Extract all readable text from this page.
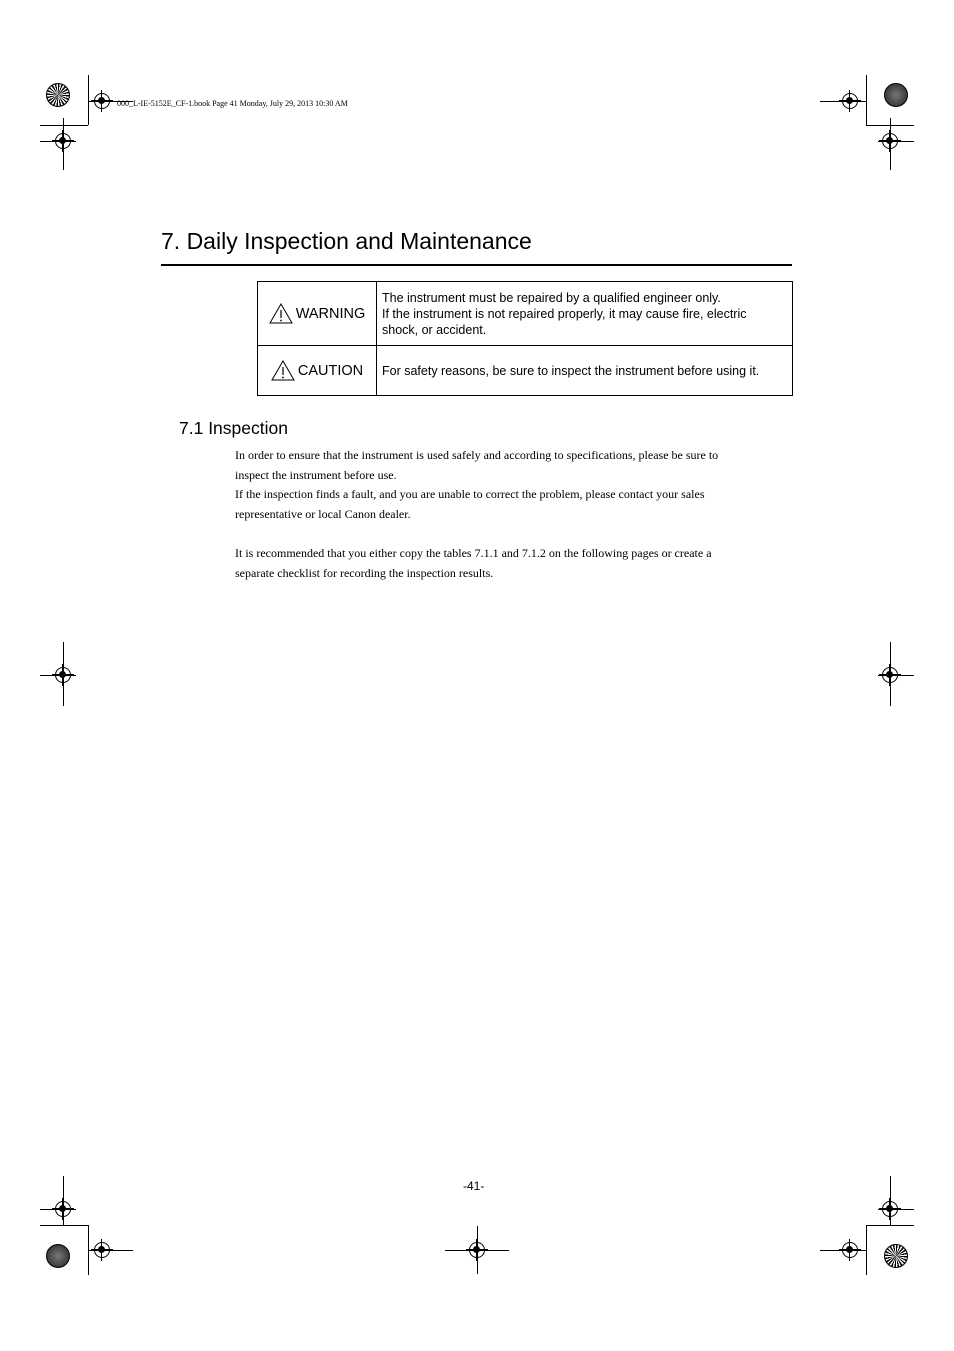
000_L-IE-5152E_CF-1.book Page 41 Monday, July 29, 2013 10:30 AM
7. Daily Inspection and Maintenance
WARNING	The instrument must be repaired by a qualified engineer only.
If the instrument is not repaired properly, it may cause fire, electric
shock, or accident.

CAUTION	For safety reasons, be sure to inspect the instrument before using it.
7.1 Inspection

In order to ensure that the instrument is used safely and according to specifications, please be sure to
inspect the instrument before use.

If the inspection finds a fault, and you are unable to correct the problem, please contact your sales
representative or local Canon dealer.

It is recommended that you either copy the tables 7.1.1 and 7.1.2 on the following pages or create a
separate checklist for recording the inspection results.

-41-
